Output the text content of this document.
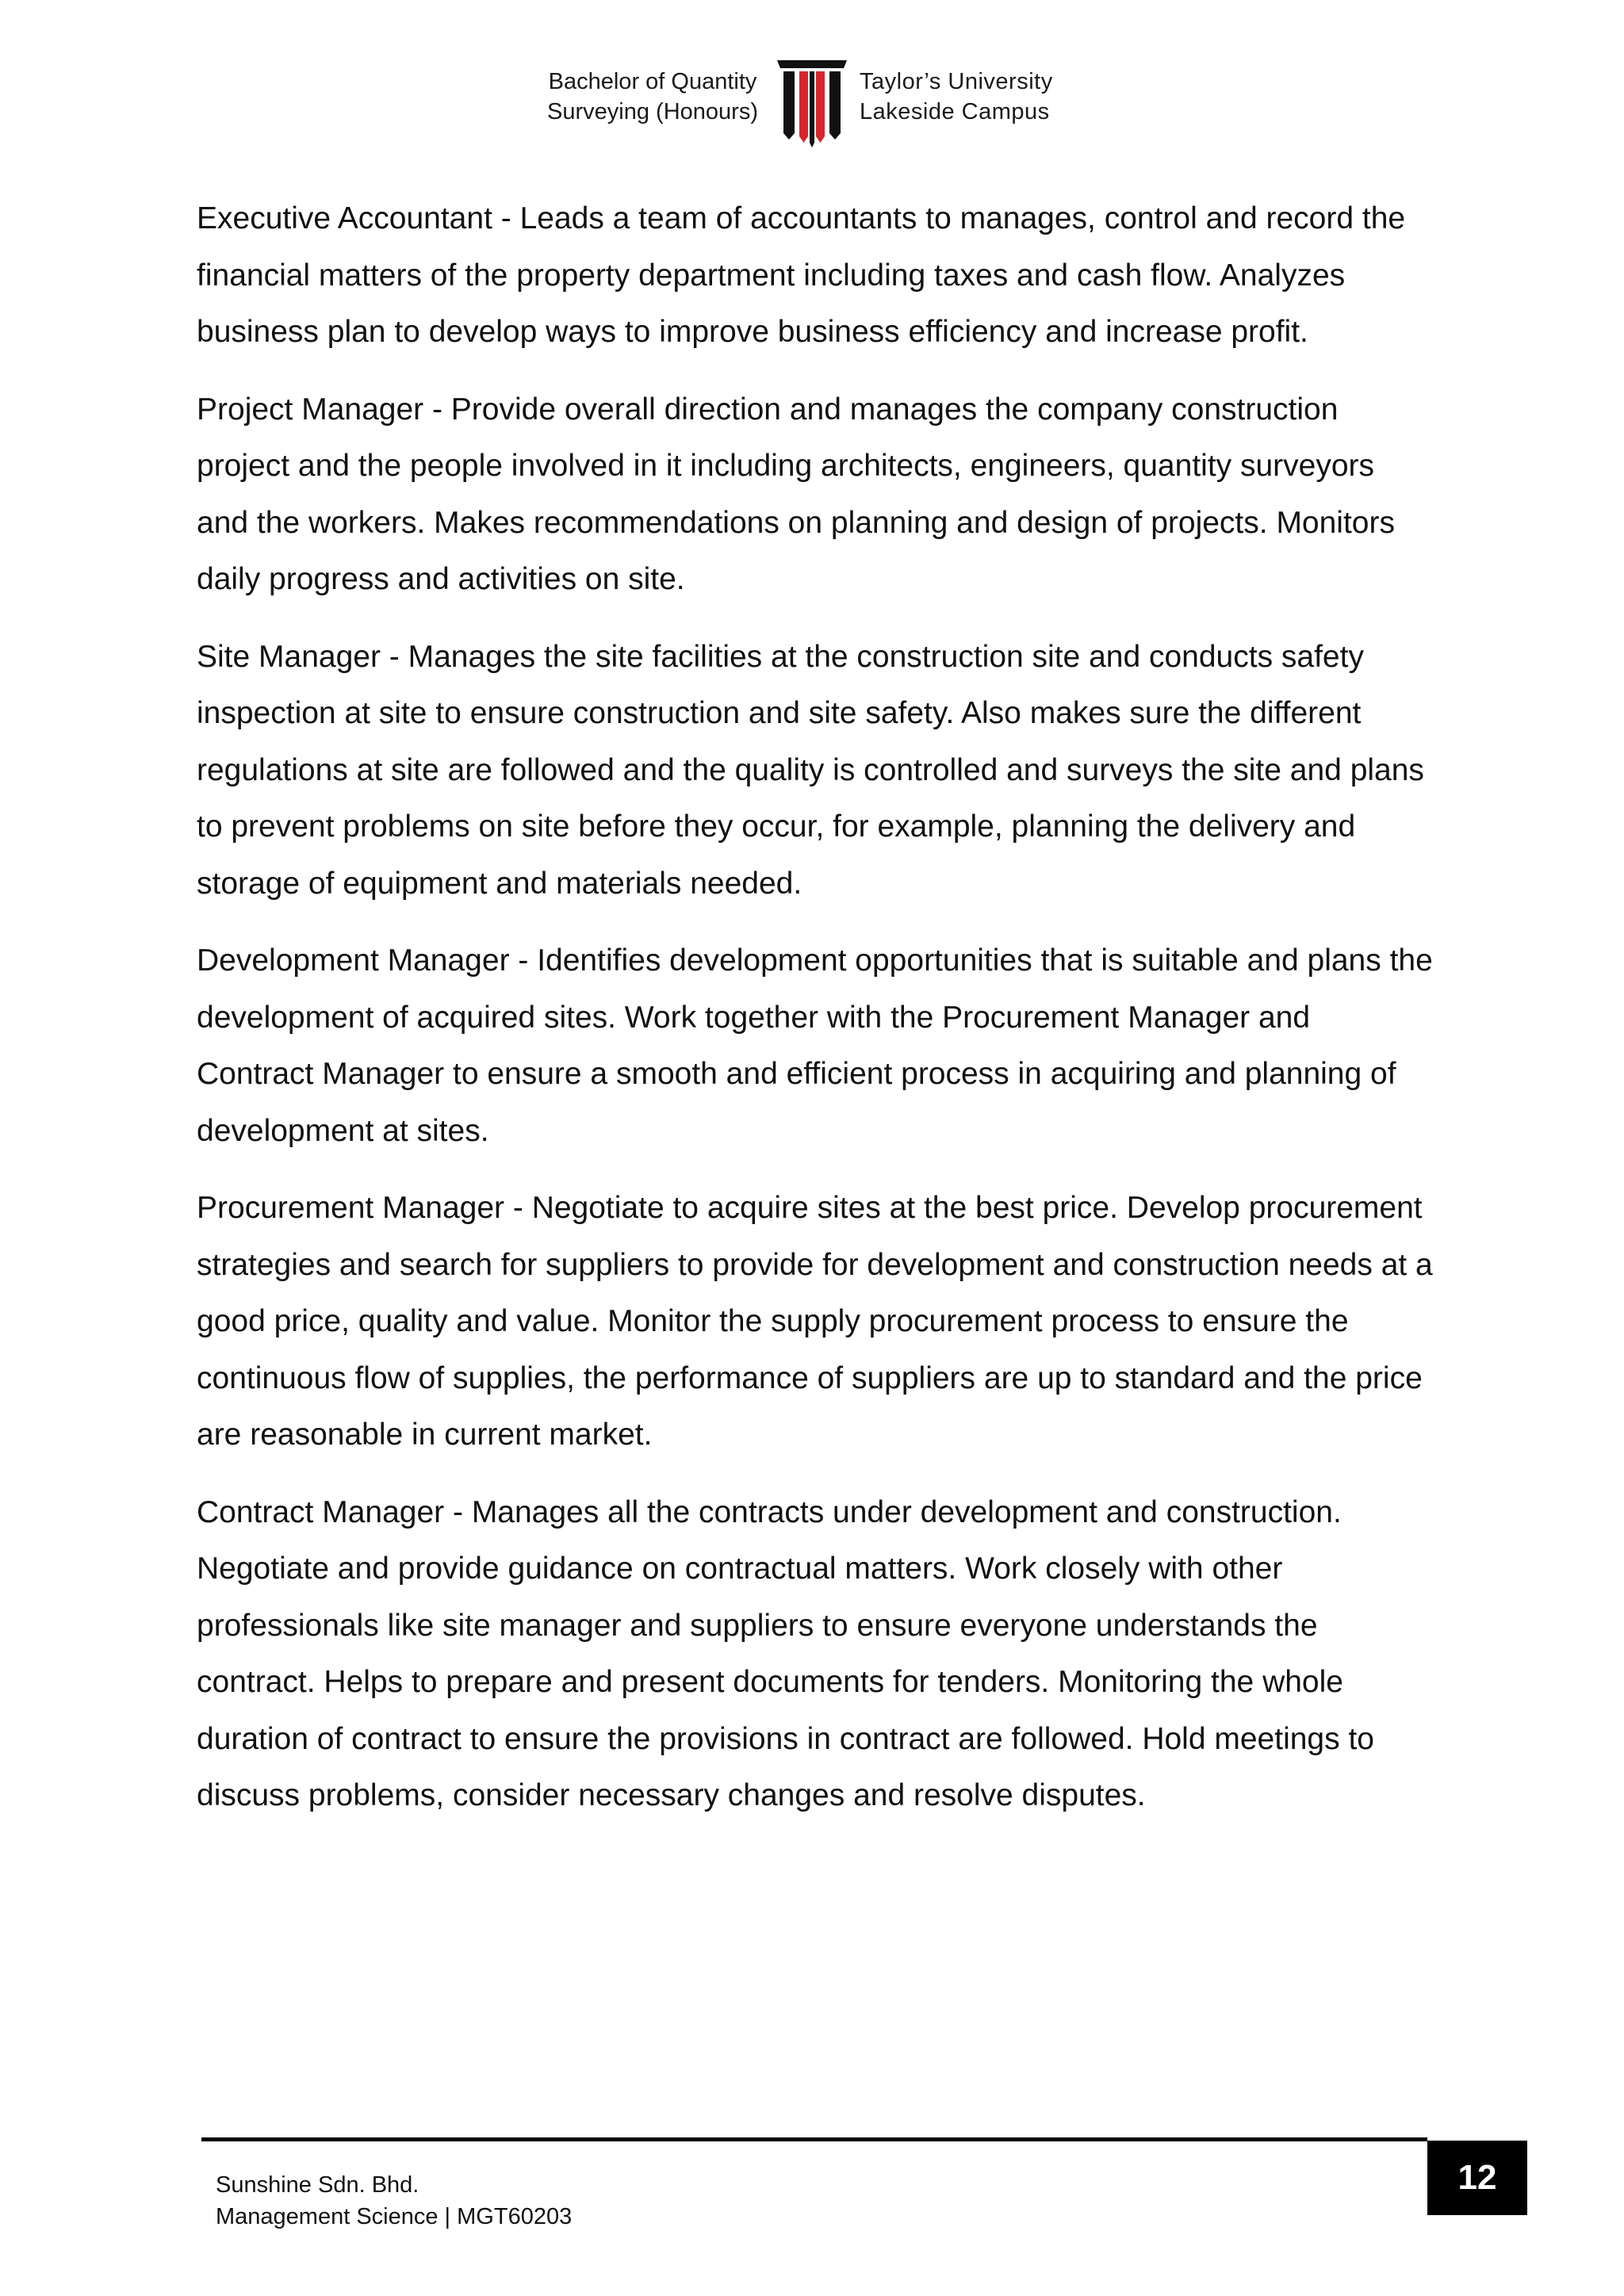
Bachelor of Quantity
Surveying (Honours)
Taylor’s University
Lakeside Campus

Executive Accountant - Leads a team of accountants to manages, control and record the financial matters of the property department including taxes and cash flow. Analyzes business plan to develop ways to improve business efficiency and increase profit.

Project Manager - Provide overall direction and manages the company construction project and the people involved in it including architects, engineers, quantity surveyors and the workers. Makes recommendations on planning and design of projects. Monitors daily progress and activities on site.

Site Manager - Manages the site facilities at the construction site and conducts safety inspection at site to ensure construction and site safety. Also makes sure the different regulations at site are followed and the quality is controlled and surveys the site and plans to prevent problems on site before they occur, for example, planning the delivery and storage of equipment and materials needed.

Development Manager - Identifies development opportunities that is suitable and plans the development of acquired sites. Work together with the Procurement Manager and Contract Manager to ensure a smooth and efficient process in acquiring and planning of development at sites.

Procurement Manager - Negotiate to acquire sites at the best price. Develop procurement strategies and search for suppliers to provide for development and construction needs at a good price, quality and value. Monitor the supply procurement process to ensure the continuous flow of supplies, the performance of suppliers are up to standard and the price are reasonable in current market.

Contract Manager - Manages all the contracts under development and construction. Negotiate and provide guidance on contractual matters. Work closely with other professionals like site manager and suppliers to ensure everyone understands the contract. Helps to prepare and present documents for tenders. Monitoring the whole duration of contract to ensure the provisions in contract are followed. Hold meetings to discuss problems, consider necessary changes and resolve disputes.

Sunshine Sdn. Bhd.
Management Science | MGT60203
12
